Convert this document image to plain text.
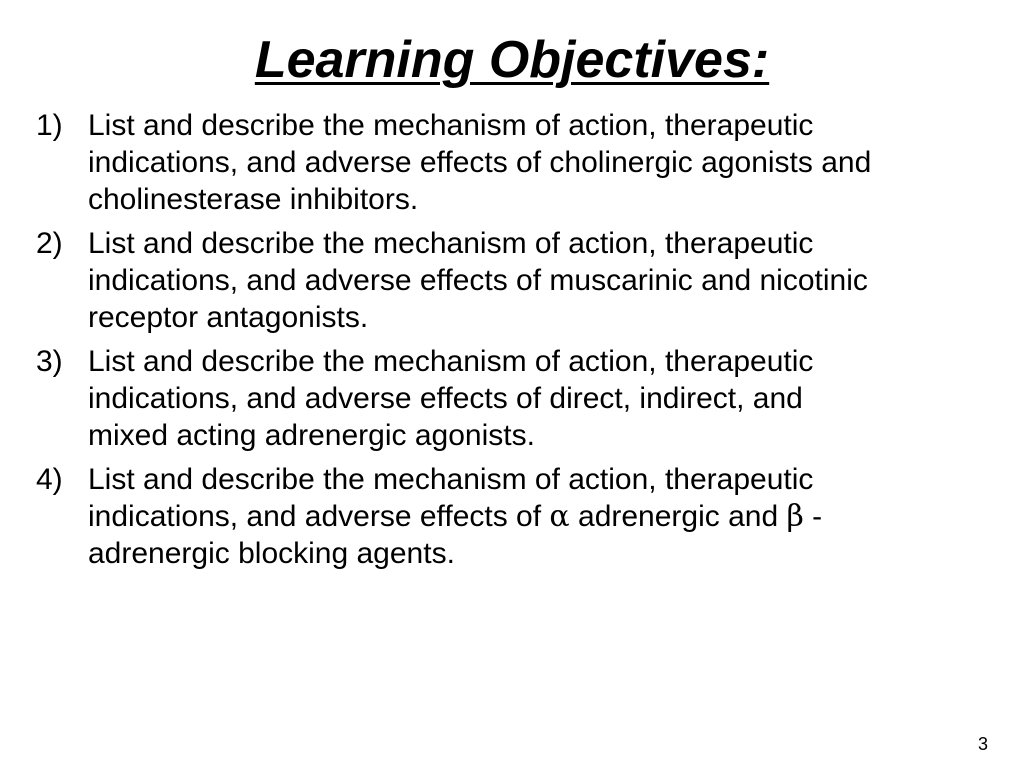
Learning Objectives:
1) List and describe the mechanism of action, therapeutic
indications, and adverse effects of cholinergic agonists and
cholinesterase inhibitors.
2) List and describe the mechanism of action, therapeutic
indications, and adverse effects of muscarinic and nicotinic
receptor antagonists.
3) List and describe the mechanism of action, therapeutic
indications, and adverse effects of direct, indirect, and
mixed acting adrenergic agonists.
4) List and describe the mechanism of action, therapeutic
indications, and adverse effects of α adrenergic and β -
adrenergic blocking agents.
3
